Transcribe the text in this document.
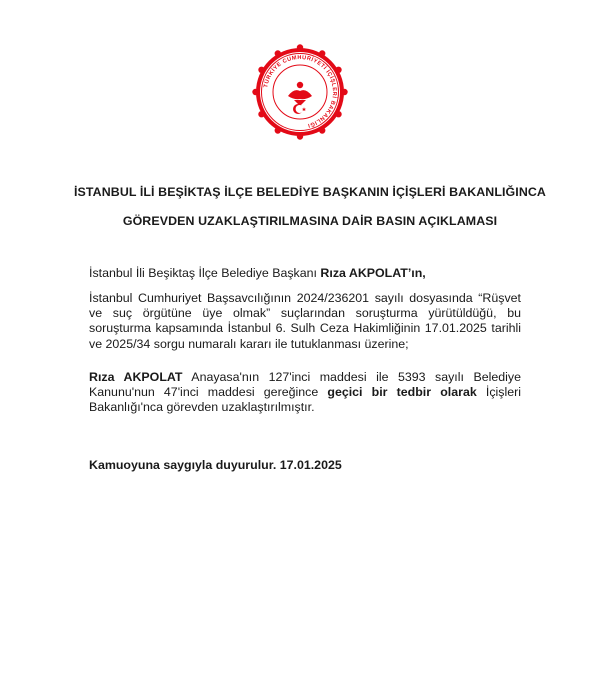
TÜRKİYE CUMHURİYETİ İÇİŞLERİ BAKANLIĞI
İSTANBUL İLİ BEŞİKTAŞ İLÇE BELEDİYE BAŞKANIN İÇİŞLERİ BAKANLIĞINCA
GÖREVDEN UZAKLAŞTIRILMASINA DAİR BASIN AÇIKLAMASI

İstanbul İli Beşiktaş İlçe Belediye Başkanı Rıza AKPOLAT’ın,

İstanbul Cumhuriyet Başsavcılığının 2024/236201 sayılı dosyasında “Rüşvet ve suç örgütüne üye olmak” suçlarından soruşturma yürütüldüğü, bu soruşturma kapsamında İstanbul 6. Sulh Ceza Hakimliğinin 17.01.2025 tarihli ve 2025/34 sorgu numaralı kararı ile tutuklanması üzerine;

Rıza AKPOLAT Anayasa'nın 127'inci maddesi ile 5393 sayılı Belediye Kanunu'nun 47'inci maddesi gereğince geçici bir tedbir olarak İçişleri Bakanlığı'nca görevden uzaklaştırılmıştır.

Kamuoyuna saygıyla duyurulur. 17.01.2025
